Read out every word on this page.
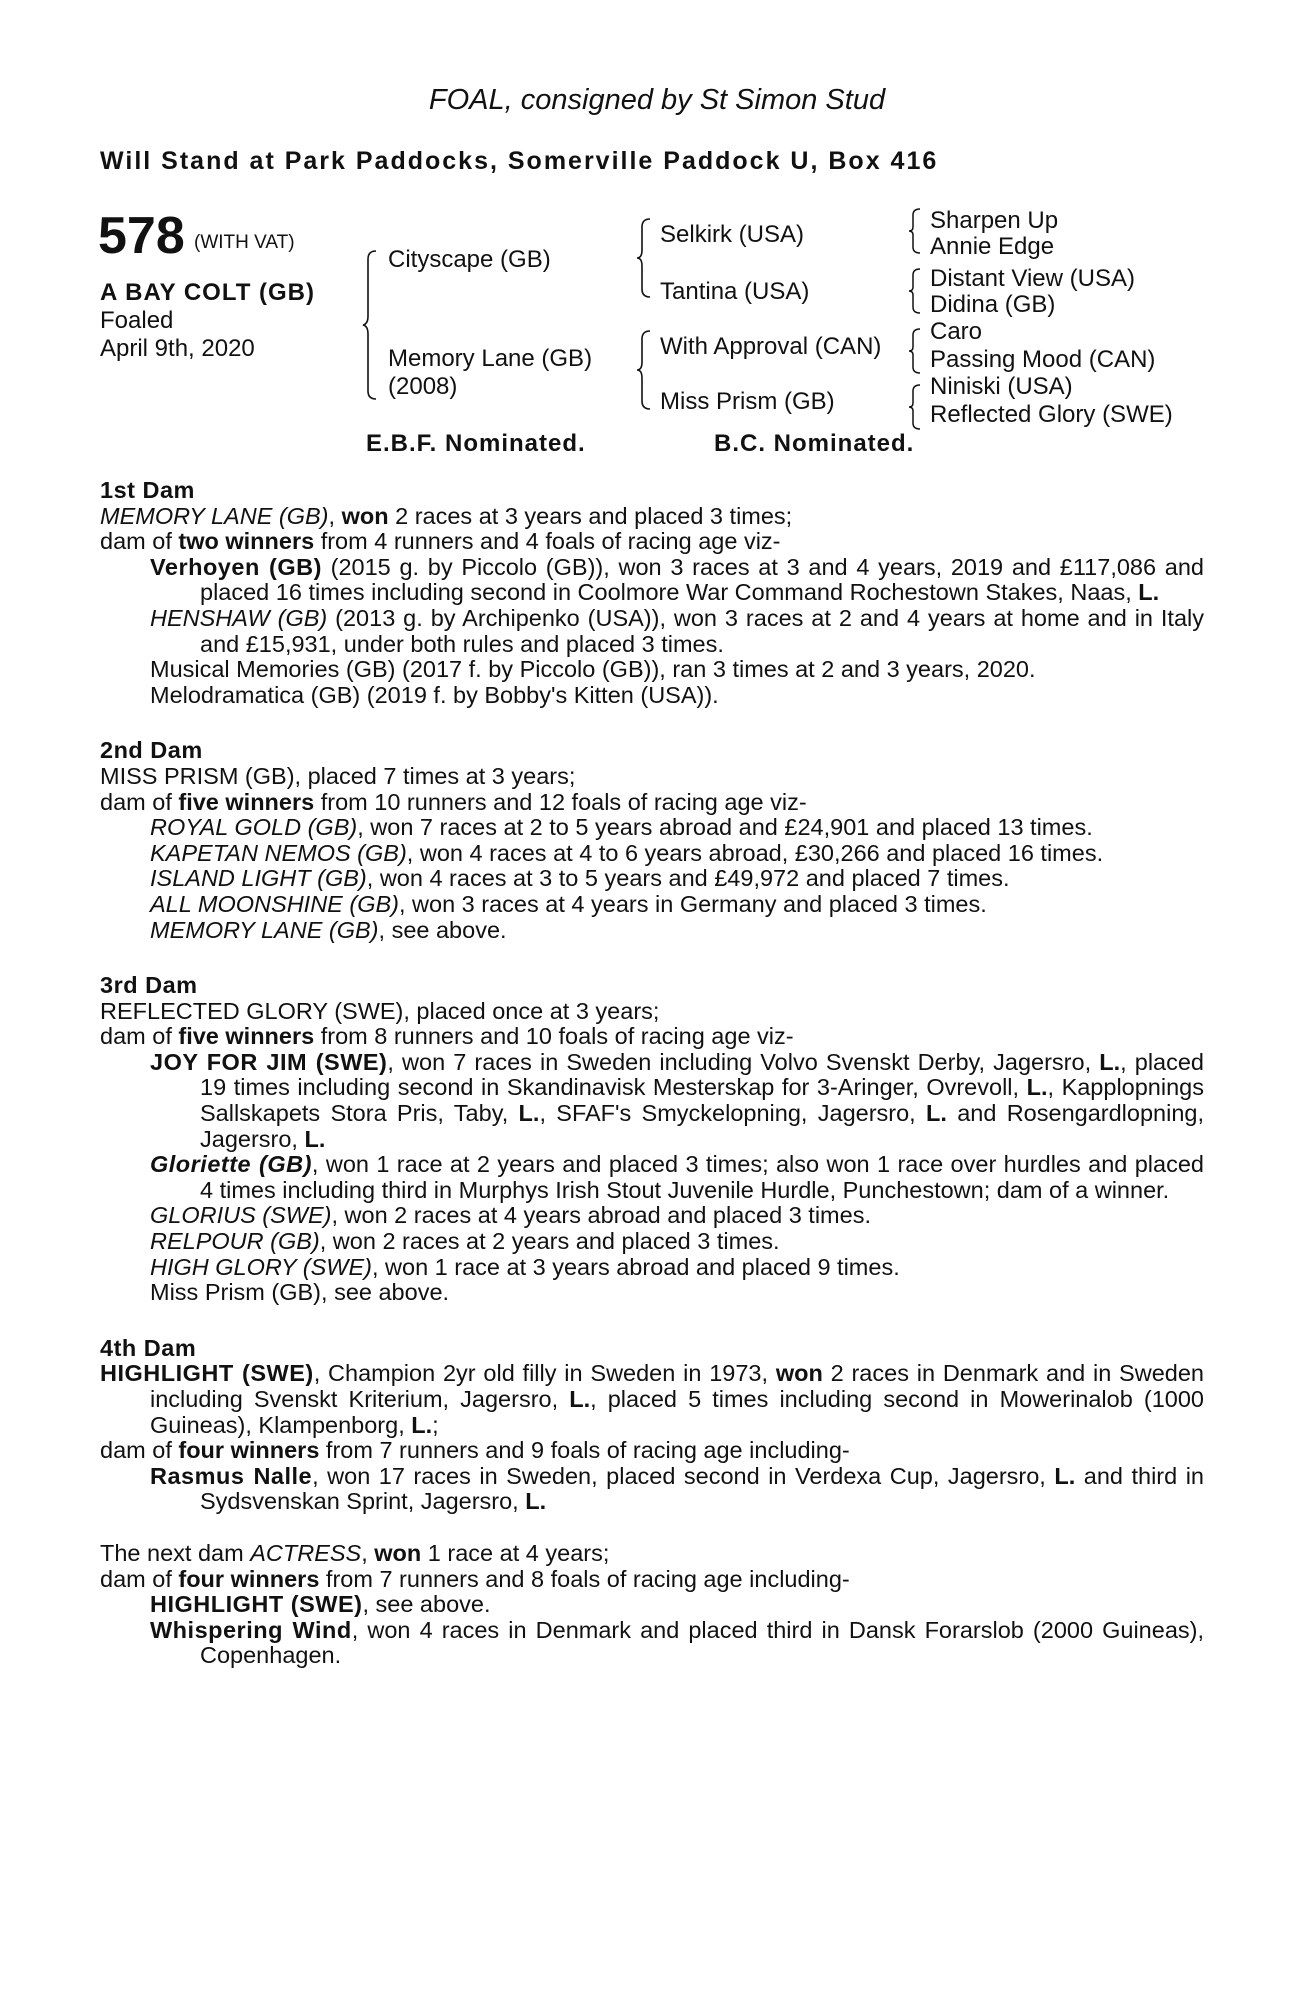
FOAL, consigned by St Simon Stud
Will Stand at Park Paddocks, Somerville Paddock U, Box 416
578 (WITH VAT)
A BAY COLT (GB)
Foaled
April 9th, 2020
Cityscape (GB)
Memory Lane (GB)
(2008)
Selkirk (USA)
Tantina (USA)
With Approval (CAN)
Miss Prism (GB)
Sharpen Up
Annie Edge
Distant View (USA)
Didina (GB)
Caro
Passing Mood (CAN)
Niniski (USA)
Reflected Glory (SWE)
E.B.F. Nominated.	B.C. Nominated.
1st Dam
MEMORY LANE (GB), won 2 races at 3 years and placed 3 times;
dam of two winners from 4 runners and 4 foals of racing age viz-
Verhoyen (GB) (2015 g. by Piccolo (GB)), won 3 races at 3 and 4 years, 2019 and £117,086 and placed 16 times including second in Coolmore War Command Rochestown Stakes, Naas, L.
HENSHAW (GB) (2013 g. by Archipenko (USA)), won 3 races at 2 and 4 years at home and in Italy and £15,931, under both rules and placed 3 times.
Musical Memories (GB) (2017 f. by Piccolo (GB)), ran 3 times at 2 and 3 years, 2020.
Melodramatica (GB) (2019 f. by Bobby's Kitten (USA)).
2nd Dam
MISS PRISM (GB), placed 7 times at 3 years;
dam of five winners from 10 runners and 12 foals of racing age viz-
ROYAL GOLD (GB), won 7 races at 2 to 5 years abroad and £24,901 and placed 13 times.
KAPETAN NEMOS (GB), won 4 races at 4 to 6 years abroad, £30,266 and placed 16 times.
ISLAND LIGHT (GB), won 4 races at 3 to 5 years and £49,972 and placed 7 times.
ALL MOONSHINE (GB), won 3 races at 4 years in Germany and placed 3 times.
MEMORY LANE (GB), see above.
3rd Dam
REFLECTED GLORY (SWE), placed once at 3 years;
dam of five winners from 8 runners and 10 foals of racing age viz-
JOY FOR JIM (SWE), won 7 races in Sweden including Volvo Svenskt Derby, Jagersro, L., placed 19 times including second in Skandinavisk Mesterskap for 3-Aringer, Ovrevoll, L., Kapplopnings Sallskapets Stora Pris, Taby, L., SFAF's Smyckelopning, Jagersro, L. and Rosengardlopning, Jagersro, L.
Gloriette (GB), won 1 race at 2 years and placed 3 times; also won 1 race over hurdles and placed 4 times including third in Murphys Irish Stout Juvenile Hurdle, Punchestown; dam of a winner.
GLORIUS (SWE), won 2 races at 4 years abroad and placed 3 times.
RELPOUR (GB), won 2 races at 2 years and placed 3 times.
HIGH GLORY (SWE), won 1 race at 3 years abroad and placed 9 times.
Miss Prism (GB), see above.
4th Dam
HIGHLIGHT (SWE), Champion 2yr old filly in Sweden in 1973, won 2 races in Denmark and in Sweden including Svenskt Kriterium, Jagersro, L., placed 5 times including second in Mowerinalob (1000 Guineas), Klampenborg, L.;
dam of four winners from 7 runners and 9 foals of racing age including-
Rasmus Nalle, won 17 races in Sweden, placed second in Verdexa Cup, Jagersro, L. and third in Sydsvenskan Sprint, Jagersro, L.
The next dam ACTRESS, won 1 race at 4 years;
dam of four winners from 7 runners and 8 foals of racing age including-
HIGHLIGHT (SWE), see above.
Whispering Wind, won 4 races in Denmark and placed third in Dansk Forarslob (2000 Guineas), Copenhagen.
